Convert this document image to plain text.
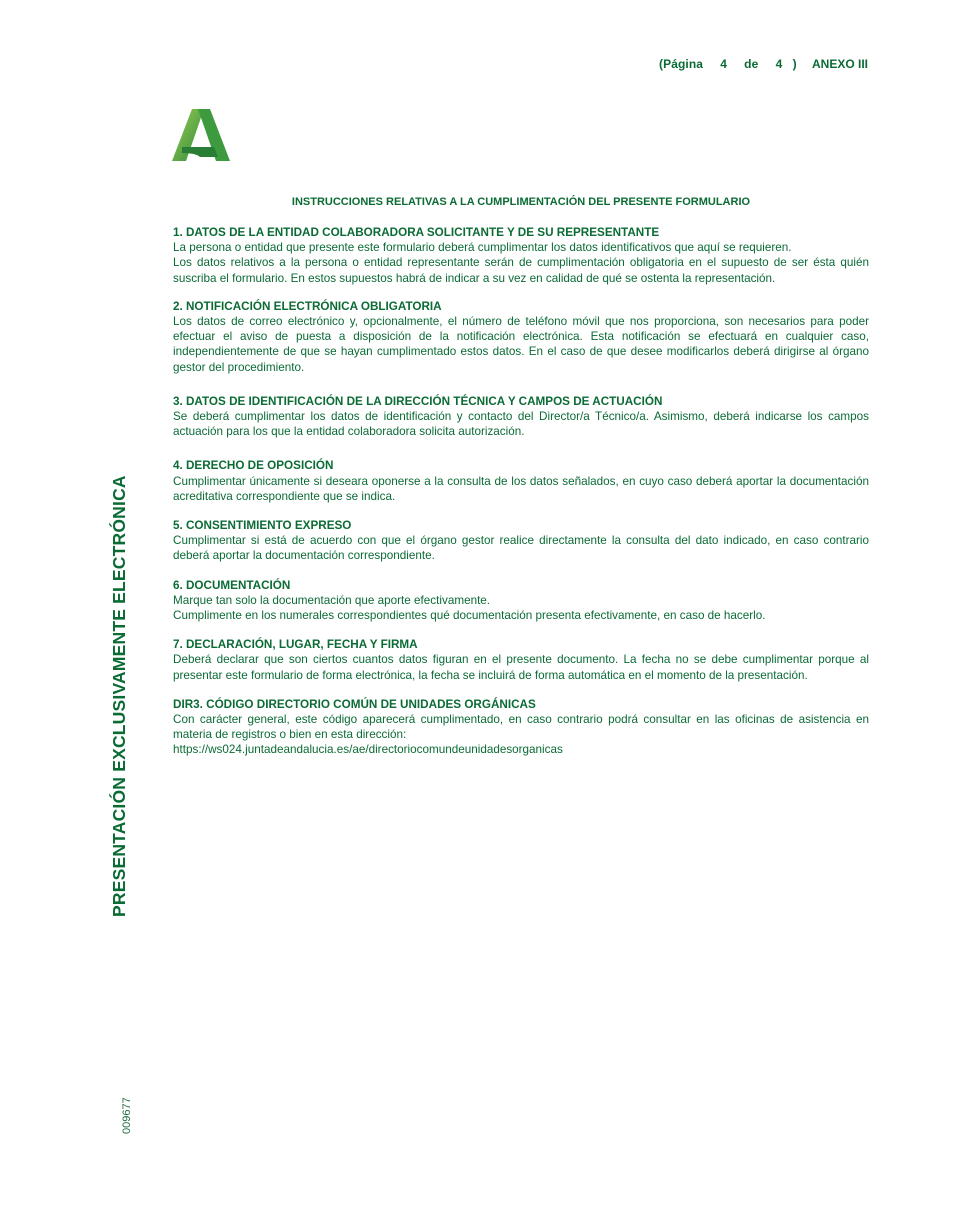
(Página 4 de 4 ) ANEXO III
PRESENTACIÓN EXCLUSIVAMENTE ELECTRÓNICA
009677
INSTRUCCIONES RELATIVAS A LA CUMPLIMENTACIÓN DEL PRESENTE FORMULARIO
1. DATOS DE LA ENTIDAD COLABORADORA SOLICITANTE Y DE SU REPRESENTANTE

La persona o entidad que presente este formulario deberá cumplimentar los datos identificativos que aquí se requieren.

Los datos relativos a la persona o entidad representante serán de cumplimentación obligatoria en el supuesto de ser ésta quién suscriba el formulario. En estos supuestos habrá de indicar a su vez en calidad de qué se ostenta la representación.

2. NOTIFICACIÓN ELECTRÓNICA OBLIGATORIA

Los datos de correo electrónico y, opcionalmente, el número de teléfono móvil que nos proporciona, son necesarios para poder efectuar el aviso de puesta a disposición de la notificación electrónica. Esta notificación se efectuará en cualquier caso, independientemente de que se hayan cumplimentado estos datos. En el caso de que desee modificarlos deberá dirigirse al órgano gestor del procedimiento.

3. DATOS DE IDENTIFICACIÓN DE LA DIRECCIÓN TÉCNICA Y CAMPOS DE ACTUACIÓN

Se deberá cumplimentar los datos de identificación y contacto del Director/a Técnico/a. Asimismo, deberá indicarse los campos actuación para los que la entidad colaboradora solicita autorización.

4. DERECHO DE OPOSICIÓN

Cumplimentar únicamente si deseara oponerse a la consulta de los datos señalados, en cuyo caso deberá aportar la documentación acreditativa correspondiente que se indica.

5. CONSENTIMIENTO EXPRESO

Cumplimentar si está de acuerdo con que el órgano gestor realice directamente la consulta del dato indicado, en caso contrario deberá aportar la documentación correspondiente.

6. DOCUMENTACIÓN

Marque tan solo la documentación que aporte efectivamente.

Cumplimente en los numerales correspondientes qué documentación presenta efectivamente, en caso de hacerlo.

7. DECLARACIÓN, LUGAR, FECHA Y FIRMA

Deberá declarar que son ciertos cuantos datos figuran en el presente documento. La fecha no se debe cumplimentar porque al presentar este formulario de forma electrónica, la fecha se incluirá de forma automática en el momento de la presentación.

DIR3. CÓDIGO DIRECTORIO COMÚN DE UNIDADES ORGÁNICAS

Con carácter general, este código aparecerá cumplimentado, en caso contrario podrá consultar en las oficinas de asistencia en materia de registros o bien en esta dirección:

https://ws024.juntadeandalucia.es/ae/directoriocomundeunidadesorganicas
